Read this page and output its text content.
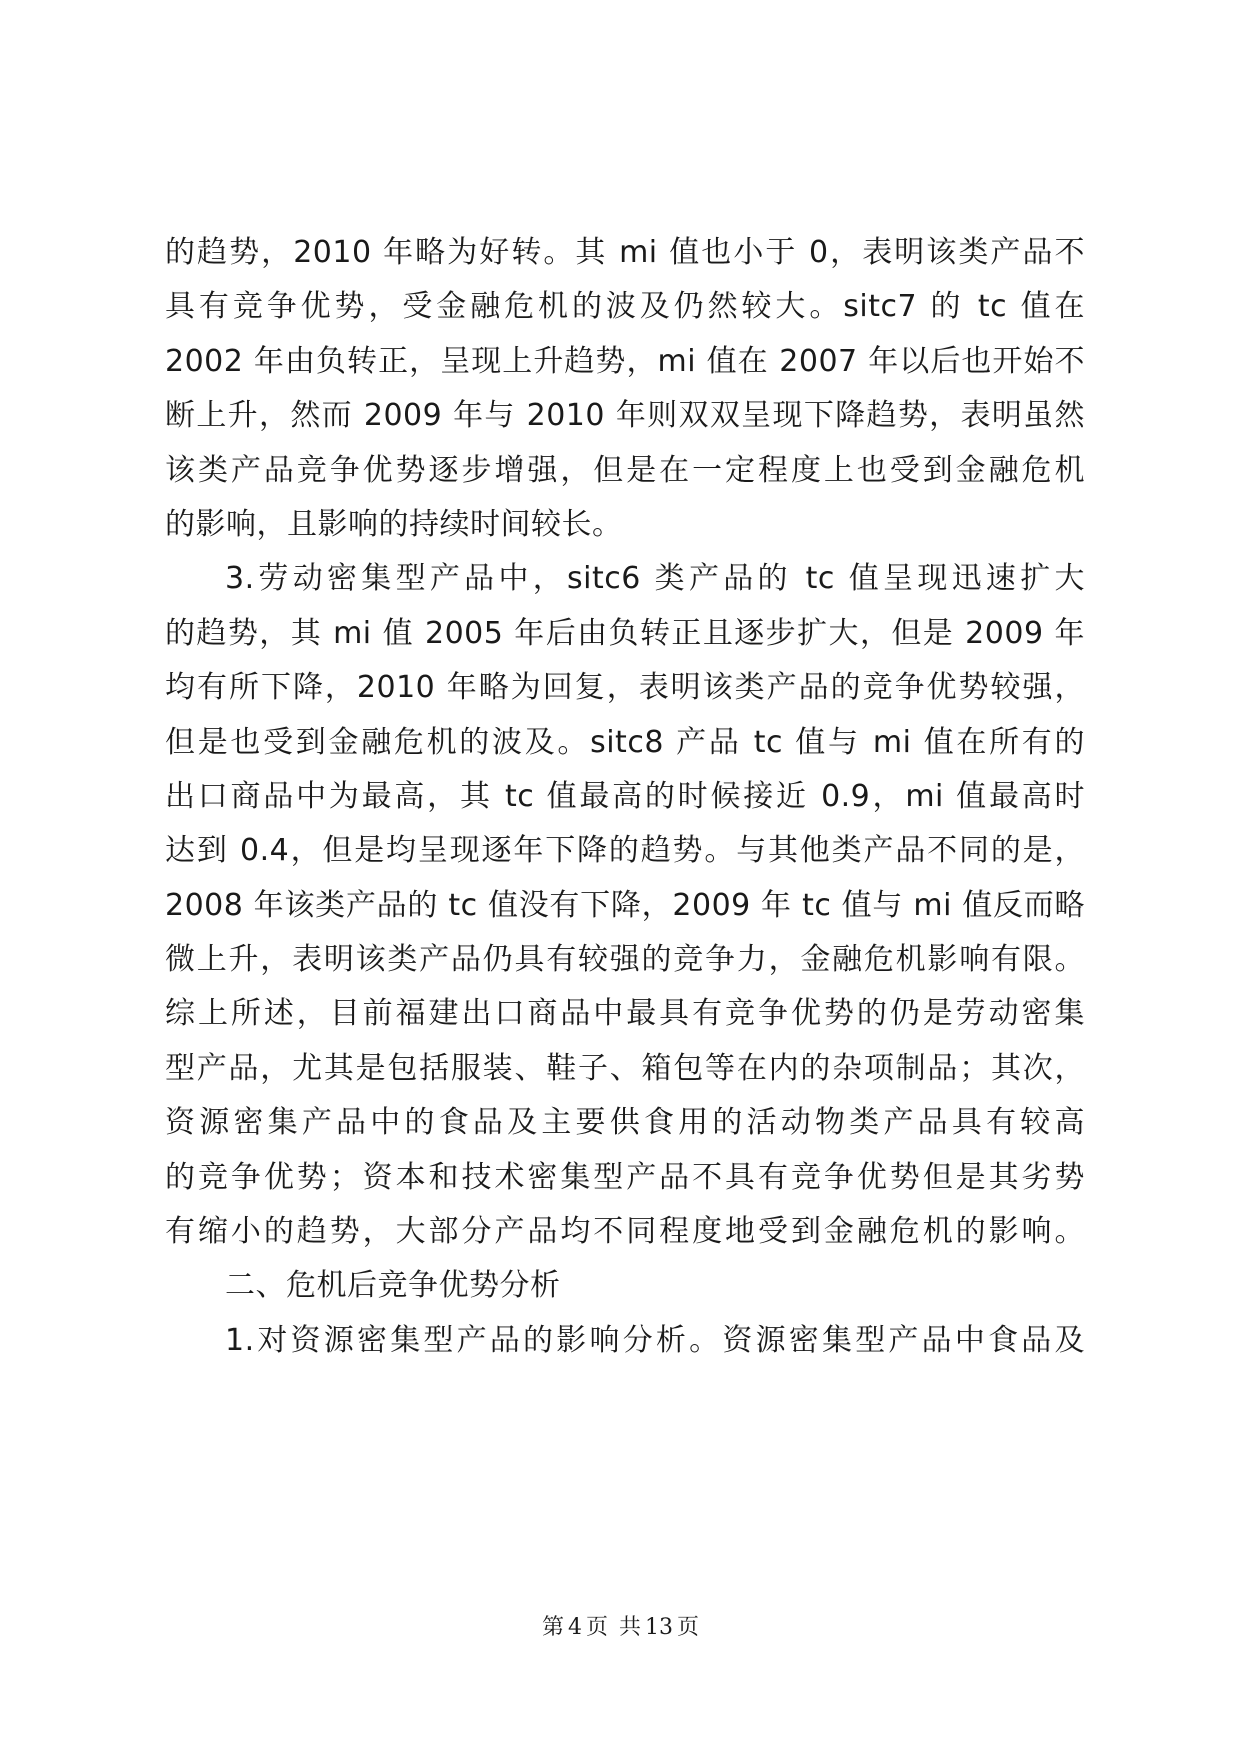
的趋势，2010 年略为好转。其 mi 值也小于 0，表明该类产品不
具有竞争优势，受金融危机的波及仍然较大。sitc7 的 tc 值在
2002 年由负转正，呈现上升趋势，mi 值在 2007 年以后也开始不
断上升，然而 2009 年与 2010 年则双双呈现下降趋势，表明虽然
该类产品竞争优势逐步增强，但是在一定程度上也受到金融危机
的影响，且影响的持续时间较长。
3.劳动密集型产品中，sitc6 类产品的 tc 值呈现迅速扩大
的趋势，其 mi 值 2005 年后由负转正且逐步扩大，但是 2009 年
均有所下降，2010 年略为回复，表明该类产品的竞争优势较强，
但是也受到金融危机的波及。sitc8 产品 tc 值与 mi 值在所有的
出口商品中为最高，其 tc 值最高的时候接近 0.9，mi 值最高时
达到 0.4，但是均呈现逐年下降的趋势。与其他类产品不同的是，
2008 年该类产品的 tc 值没有下降，2009 年 tc 值与 mi 值反而略
微上升，表明该类产品仍具有较强的竞争力，金融危机影响有限。
综上所述，目前福建出口商品中最具有竞争优势的仍是劳动密集
型产品，尤其是包括服装、鞋子、箱包等在内的杂项制品；其次，
资源密集产品中的食品及主要供食用的活动物类产品具有较高
的竞争优势；资本和技术密集型产品不具有竞争优势但是其劣势
有缩小的趋势，大部分产品均不同程度地受到金融危机的影响。
二、危机后竞争优势分析
1.对资源密集型产品的影响分析。资源密集型产品中食品及
第 4 页 共 13 页
